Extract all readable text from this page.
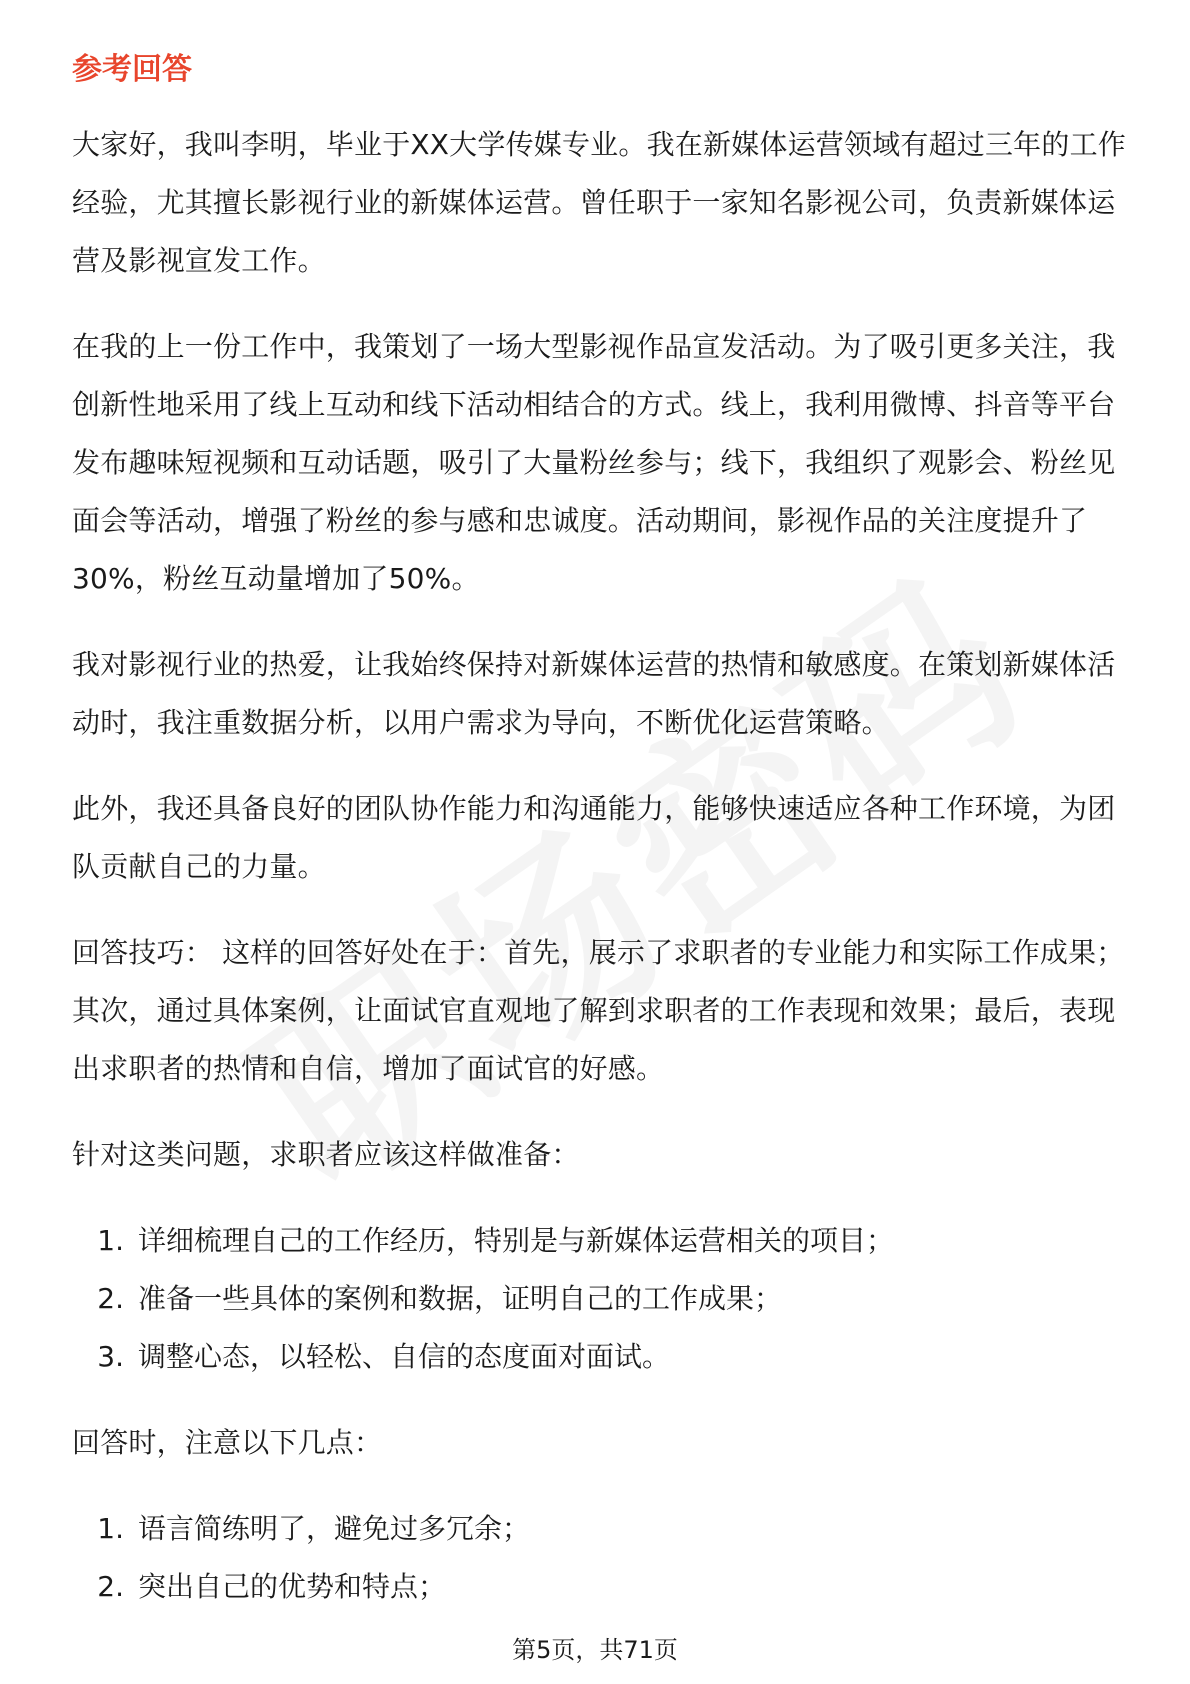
参考回答

大家好，我叫李明，毕业于XX大学传媒专业。我在新媒体运营领域有超过三年的工作经验，尤其擅长影视行业的新媒体运营。曾任职于一家知名影视公司，负责新媒体运营及影视宣发工作。

在我的上一份工作中，我策划了一场大型影视作品宣发活动。为了吸引更多关注，我创新性地采用了线上互动和线下活动相结合的方式。线上，我利用微博、抖音等平台发布趣味短视频和互动话题，吸引了大量粉丝参与；线下，我组织了观影会、粉丝见面会等活动，增强了粉丝的参与感和忠诚度。活动期间，影视作品的关注度提升了30%，粉丝互动量增加了50%。

我对影视行业的热爱，让我始终保持对新媒体运营的热情和敏感度。在策划新媒体活动时，我注重数据分析，以用户需求为导向，不断优化运营策略。

此外，我还具备良好的团队协作能力和沟通能力，能够快速适应各种工作环境，为团队贡献自己的力量。

回答技巧： 这样的回答好处在于：首先，展示了求职者的专业能力和实际工作成果；其次，通过具体案例，让面试官直观地了解到求职者的工作表现和效果；最后，表现出求职者的热情和自信，增加了面试官的好感。

针对这类问题，求职者应该这样做准备：

1. 详细梳理自己的工作经历，特别是与新媒体运营相关的项目；
2. 准备一些具体的案例和数据，证明自己的工作成果；
3. 调整心态，以轻松、自信的态度面对面试。

回答时，注意以下几点：

1. 语言简练明了，避免过多冗余；
2. 突出自己的优势和特点；
第5页，共71页
